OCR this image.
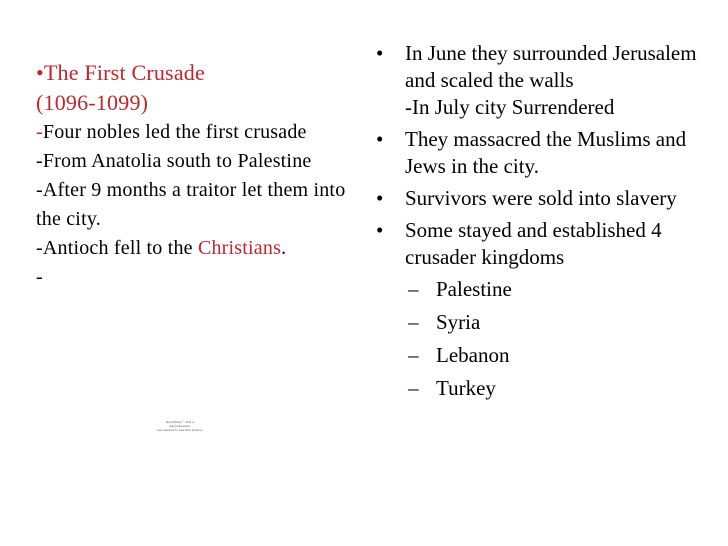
•The First Crusade
(1096-1099)
-Four nobles led the first crusade
-From Anatolia south to Palestine
-After 9 months a traitor let them into the city.
-Antioch fell to the Christians.
-
QuickTime™ and a
decompressor
are needed to see this picture.
• In June they surrounded Jerusalem and scaled the walls
-In July city Surrendered
• They massacred the Muslims and Jews in the city.
• Survivors were sold into slavery
• Some stayed and established 4 crusader kingdoms
– Palestine
– Syria
– Lebanon
– Turkey
